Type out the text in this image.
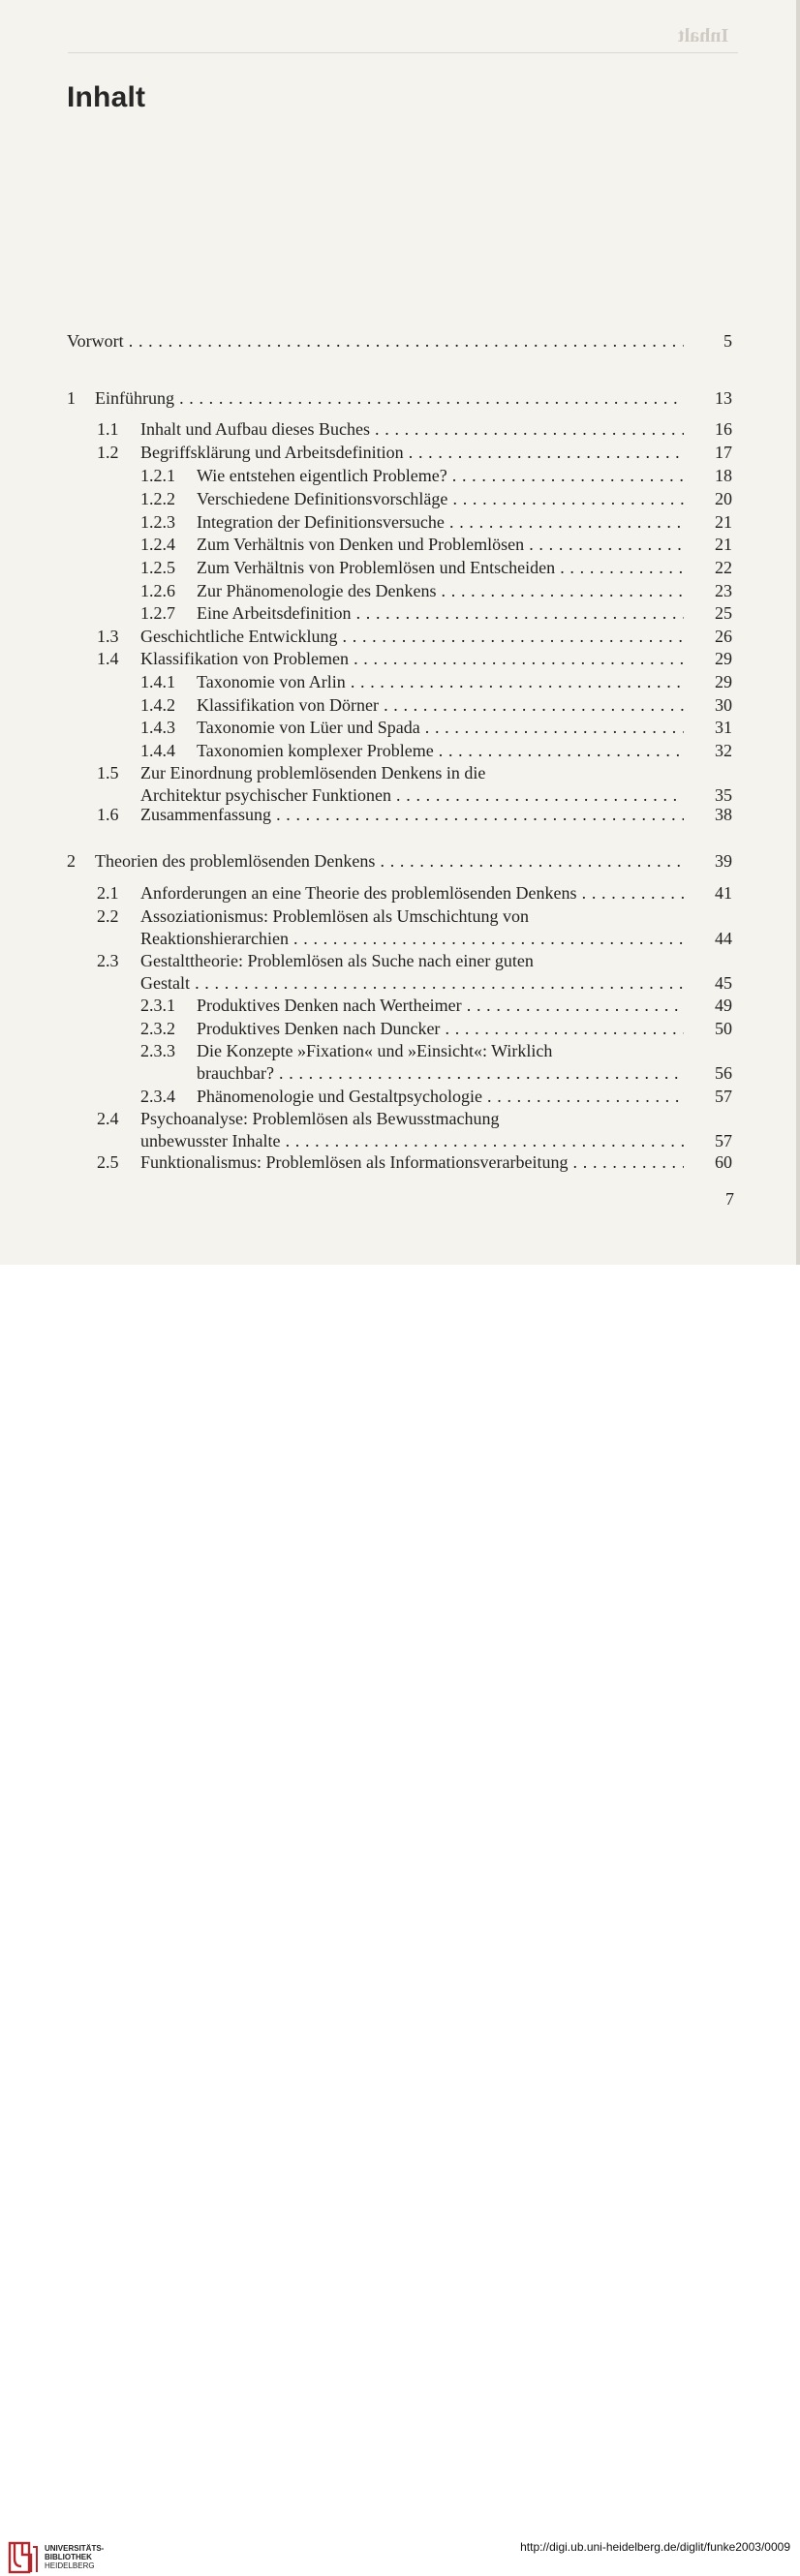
Inhalt
Inhalt
Vorwort . . .	5
1 Einführung . . .	13
1.1 Inhalt und Aufbau dieses Buches . . .	16
1.2 Begriffsklärung und Arbeitsdefinition . . .	17
1.2.1 Wie entstehen eigentlich Probleme? . . .	18
1.2.2 Verschiedene Definitionsvorschläge . . .	20
1.2.3 Integration der Definitionsversuche . . .	21
1.2.4 Zum Verhältnis von Denken und Problemlösen . . .	21
1.2.5 Zum Verhältnis von Problemlösen und Entscheiden . . .	22
1.2.6 Zur Phänomenologie des Denkens . . .	23
1.2.7 Eine Arbeitsdefinition . . .	25
1.3 Geschichtliche Entwicklung . . .	26
1.4 Klassifikation von Problemen . . .	29
1.4.1 Taxonomie von Arlin . . .	29
1.4.2 Klassifikation von Dörner . . .	30
1.4.3 Taxonomie von Lüer und Spada . . .	31
1.4.4 Taxonomien komplexer Probleme . . .	32
1.5 Zur Einordnung problemlösenden Denkens in die
Architektur psychischer Funktionen . . .	35
1.6 Zusammenfassung . . .	38
2 Theorien des problemlösenden Denkens . . .	39
2.1 Anforderungen an eine Theorie des problemlösenden Denkens . . .	41
2.2 Assoziationismus: Problemlösen als Umschichtung von
Reaktionshierarchien . . .	44
2.3 Gestalttheorie: Problemlösen als Suche nach einer guten
Gestalt . . .	45
2.3.1 Produktives Denken nach Wertheimer . . .	49
2.3.2 Produktives Denken nach Duncker . . .	50
2.3.3 Die Konzepte »Fixation« und »Einsicht«: Wirklich
brauchbar? . . .	56
2.3.4 Phänomenologie und Gestaltpsychologie . . .	57
2.4 Psychoanalyse: Problemlösen als Bewusstmachung
unbewusster Inhalte . . .	57
2.5 Funktionalismus: Problemlösen als Informationsverarbeitung . . .	60
7
UNIVERSITÄTS-
BIBLIOTHEK
HEIDELBERG
http://digi.ub.uni-heidelberg.de/diglit/funke2003/0009
